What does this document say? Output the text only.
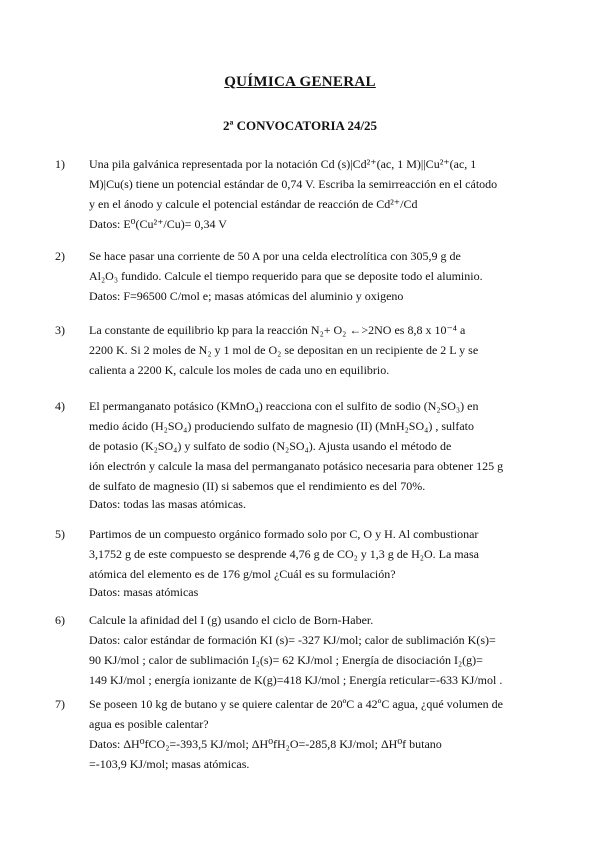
QUÍMICA GENERAL
2ª CONVOCATORIA 24/25
1) Una pila galvánica representada por la notación Cd (s)|Cd²⁺(ac, 1 M)||Cu²⁺(ac, 1

M)|Cu(s) tiene un potencial estándar de 0,74 V. Escriba la semirreacción en el cátodo

y en el ánodo y calcule el potencial estándar de reacción de Cd²⁺/Cd

Datos: E⁰(Cu²⁺/Cu)= 0,34 V

2) Se hace pasar una corriente de 50 A por una celda electrolítica con 305,9 g de

Al₂O₃ fundido. Calcule el tiempo requerido para que se deposite todo el aluminio.

Datos: F=96500 C/mol e; masas atómicas del aluminio y oxigeno

3) La constante de equilibrio kp para la reacción N₂+ O₂ ←>2NO es 8,8 x 10⁻⁴ a

2200 K. Si 2 moles de N₂ y 1 mol de O₂ se depositan en un recipiente de 2 L y se

calienta a 2200 K, calcule los moles de cada uno en equilibrio.

4) El permanganato potásico (KMnO₄) reacciona con el sulfito de sodio (N₂SO₃) en

medio ácido (H₂SO₄) produciendo sulfato de magnesio (II) (MnH₂SO₄) , sulfato

de potasio (K₂SO₄) y sulfato de sodio (N₂SO₄). Ajusta usando el método de

ión electrón y calcule la masa del permanganato potásico necesaria para obtener 125 g

de sulfato de magnesio (II) si sabemos que el rendimiento es del 70%.

Datos: todas las masas atómicas.

5) Partimos de un compuesto orgánico formado solo por C, O y H. Al combustionar

3,1752 g de este compuesto se desprende 4,76 g de CO₂ y 1,3 g de H₂O. La masa

atómica del elemento es de 176 g/mol ¿Cuál es su formulación?

Datos: masas atómicas

6) Calcule la afinidad del I (g) usando el ciclo de Born-Haber.

Datos: calor estándar de formación KI (s)= -327 KJ/mol; calor de sublimación K(s)=

90 KJ/mol ; calor de sublimación I₂(s)= 62 KJ/mol ; Energía de disociación I₂(g)=

149 KJ/mol ; energía ionizante de K(g)=418 KJ/mol ; Energía reticular=-633 KJ/mol .

7) Se poseen 10 kg de butano y se quiere calentar de 20ºC a 42ºC agua, ¿qué volumen de

agua es posible calentar?

Datos: ΔH⁰fCO₂=-393,5 KJ/mol; ΔH⁰fH₂O=-285,8 KJ/mol; ΔH⁰f butano

=-103,9 KJ/mol; masas atómicas.
